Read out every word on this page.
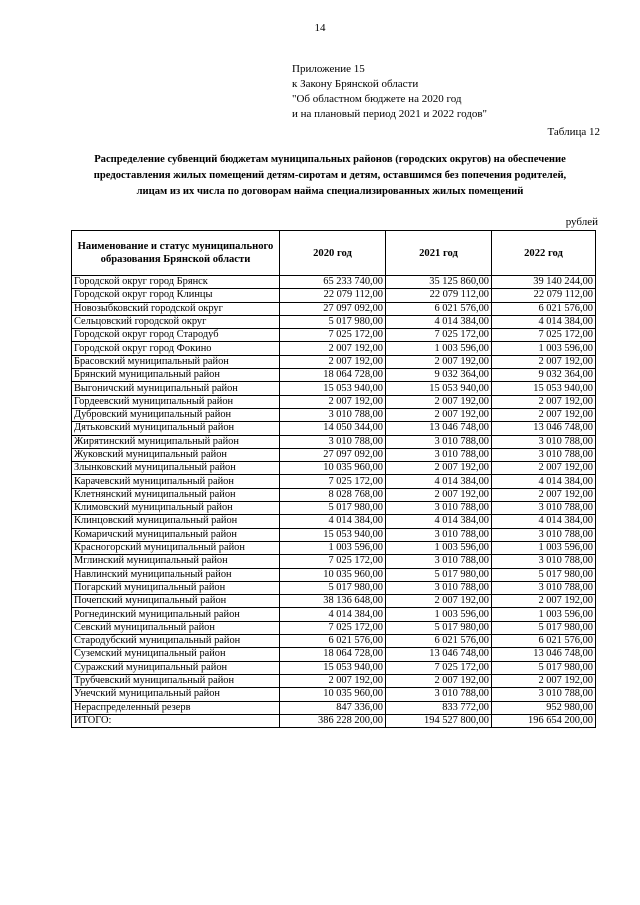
14
Приложение 15
к Закону Брянской области
"Об областном бюджете на 2020 год
и на плановый период 2021 и 2022 годов"
Таблица 12
Распределение субвенций бюджетам муниципальных районов (городских округов) на обеспечение
предоставления жилых помещений детям-сиротам и детям, оставшимся без попечения родителей,
лицам из их числа по договорам найма специализированных жилых помещений
рублей
Наименование и статус муниципального образования Брянской области	2020 год	2021 год	2022 год
Городской округ город Брянск	65 233 740,00	35 125 860,00	39 140 244,00
Городской округ город Клинцы	22 079 112,00	22 079 112,00	22 079 112,00
Новозыбковский городской округ	27 097 092,00	6 021 576,00	6 021 576,00
Сельцовский городской округ	5 017 980,00	4 014 384,00	4 014 384,00
Городской округ город Стародуб	7 025 172,00	7 025 172,00	7 025 172,00
Городской округ город Фокино	2 007 192,00	1 003 596,00	1 003 596,00
Брасовский муниципальный район	2 007 192,00	2 007 192,00	2 007 192,00
Брянский муниципальный район	18 064 728,00	9 032 364,00	9 032 364,00
Выгоничский муниципальный район	15 053 940,00	15 053 940,00	15 053 940,00
Гордеевский муниципальный район	2 007 192,00	2 007 192,00	2 007 192,00
Дубровский муниципальный район	3 010 788,00	2 007 192,00	2 007 192,00
Дятьковский муниципальный район	14 050 344,00	13 046 748,00	13 046 748,00
Жирятинский муниципальный район	3 010 788,00	3 010 788,00	3 010 788,00
Жуковский муниципальный район	27 097 092,00	3 010 788,00	3 010 788,00
Злынковский муниципальный район	10 035 960,00	2 007 192,00	2 007 192,00
Карачевский муниципальный район	7 025 172,00	4 014 384,00	4 014 384,00
Клетнянский муниципальный район	8 028 768,00	2 007 192,00	2 007 192,00
Климовский муниципальный район	5 017 980,00	3 010 788,00	3 010 788,00
Клинцовский муниципальный район	4 014 384,00	4 014 384,00	4 014 384,00
Комаричский муниципальный район	15 053 940,00	3 010 788,00	3 010 788,00
Красногорский муниципальный район	1 003 596,00	1 003 596,00	1 003 596,00
Мглинский муниципальный район	7 025 172,00	3 010 788,00	3 010 788,00
Навлинский муниципальный район	10 035 960,00	5 017 980,00	5 017 980,00
Погарский муниципальный район	5 017 980,00	3 010 788,00	3 010 788,00
Почепский муниципальный район	38 136 648,00	2 007 192,00	2 007 192,00
Рогнединский муниципальный район	4 014 384,00	1 003 596,00	1 003 596,00
Севский муниципальный район	7 025 172,00	5 017 980,00	5 017 980,00
Стародубский муниципальный район	6 021 576,00	6 021 576,00	6 021 576,00
Суземский муниципальный район	18 064 728,00	13 046 748,00	13 046 748,00
Суражский муниципальный район	15 053 940,00	7 025 172,00	5 017 980,00
Трубчевский муниципальный район	2 007 192,00	2 007 192,00	2 007 192,00
Унечский муниципальный район	10 035 960,00	3 010 788,00	3 010 788,00
Нераспределенный резерв	847 336,00	833 772,00	952 980,00
ИТОГО:	386 228 200,00	194 527 800,00	196 654 200,00
